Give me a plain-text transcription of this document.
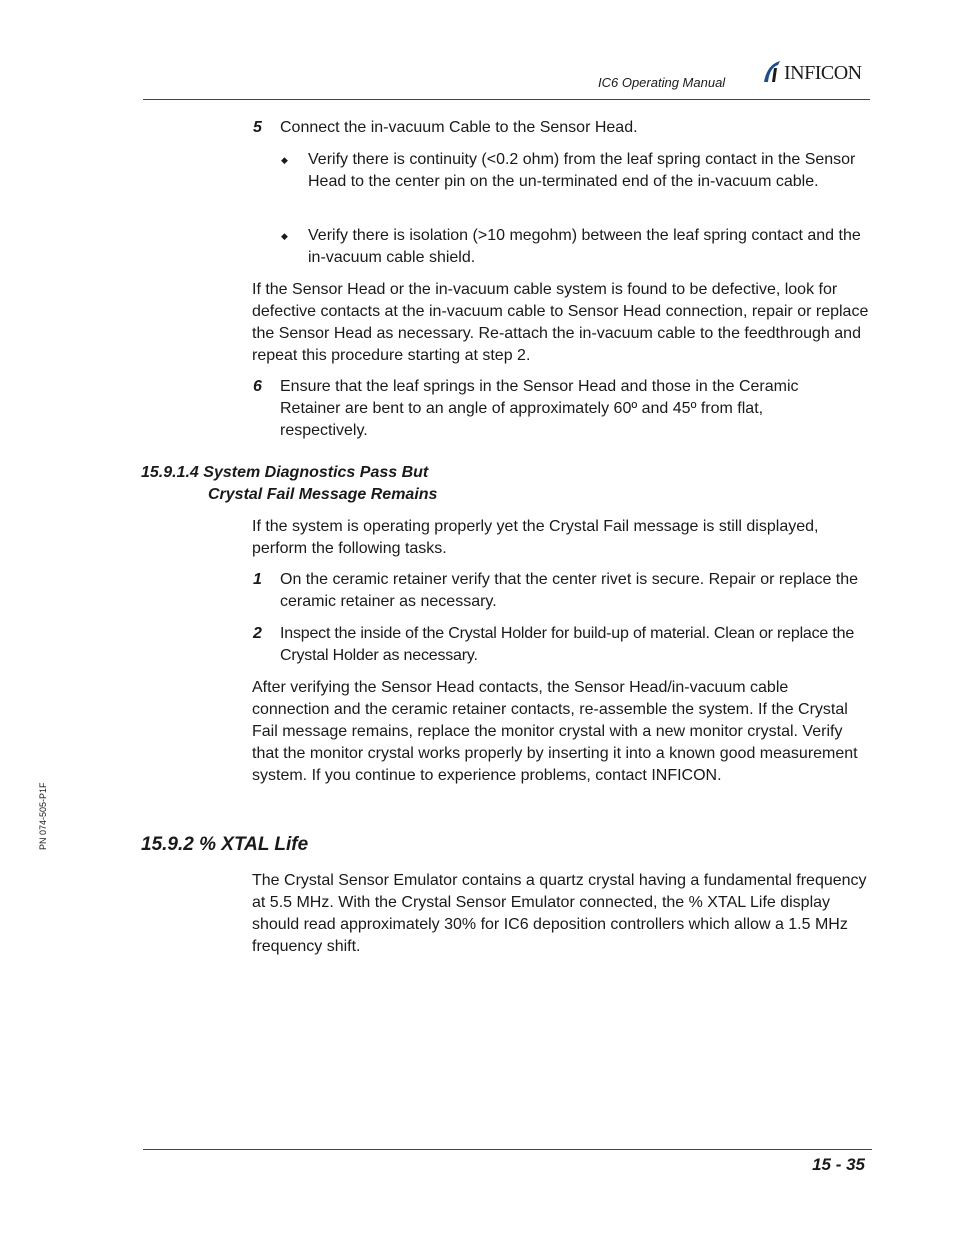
IC6 Operating Manual	INFICON
PN 074-505-P1F
5 Connect the in-vacuum Cable to the Sensor Head.
◆ Verify there is continuity (<0.2 ohm) from the leaf spring contact in the Sensor Head to the center pin on the un-terminated end of the in-vacuum cable.
◆ Verify there is isolation (>10 megohm) between the leaf spring contact and the in-vacuum cable shield.
If the Sensor Head or the in-vacuum cable system is found to be defective, look for defective contacts at the in-vacuum cable to Sensor Head connection, repair or replace the Sensor Head as necessary. Re-attach the in-vacuum cable to the feedthrough and repeat this procedure starting at step 2.
6 Ensure that the leaf springs in the Sensor Head and those in the Ceramic Retainer are bent to an angle of approximately 60º and 45º from flat, respectively.
15.9.1.4 System Diagnostics Pass But
Crystal Fail Message Remains
If the system is operating properly yet the Crystal Fail message is still displayed, perform the following tasks.
1 On the ceramic retainer verify that the center rivet is secure. Repair or replace the ceramic retainer as necessary.
2 Inspect the inside of the Crystal Holder for build-up of material. Clean or replace the Crystal Holder as necessary.
After verifying the Sensor Head contacts, the Sensor Head/in-vacuum cable connection and the ceramic retainer contacts, re-assemble the system. If the Crystal Fail message remains, replace the monitor crystal with a new monitor crystal. Verify that the monitor crystal works properly by inserting it into a known good measurement system. If you continue to experience problems, contact INFICON.
15.9.2 % XTAL Life
The Crystal Sensor Emulator contains a quartz crystal having a fundamental frequency at 5.5 MHz. With the Crystal Sensor Emulator connected, the % XTAL Life display should read approximately 30% for IC6 deposition controllers which allow a 1.5 MHz frequency shift.
15 - 35
